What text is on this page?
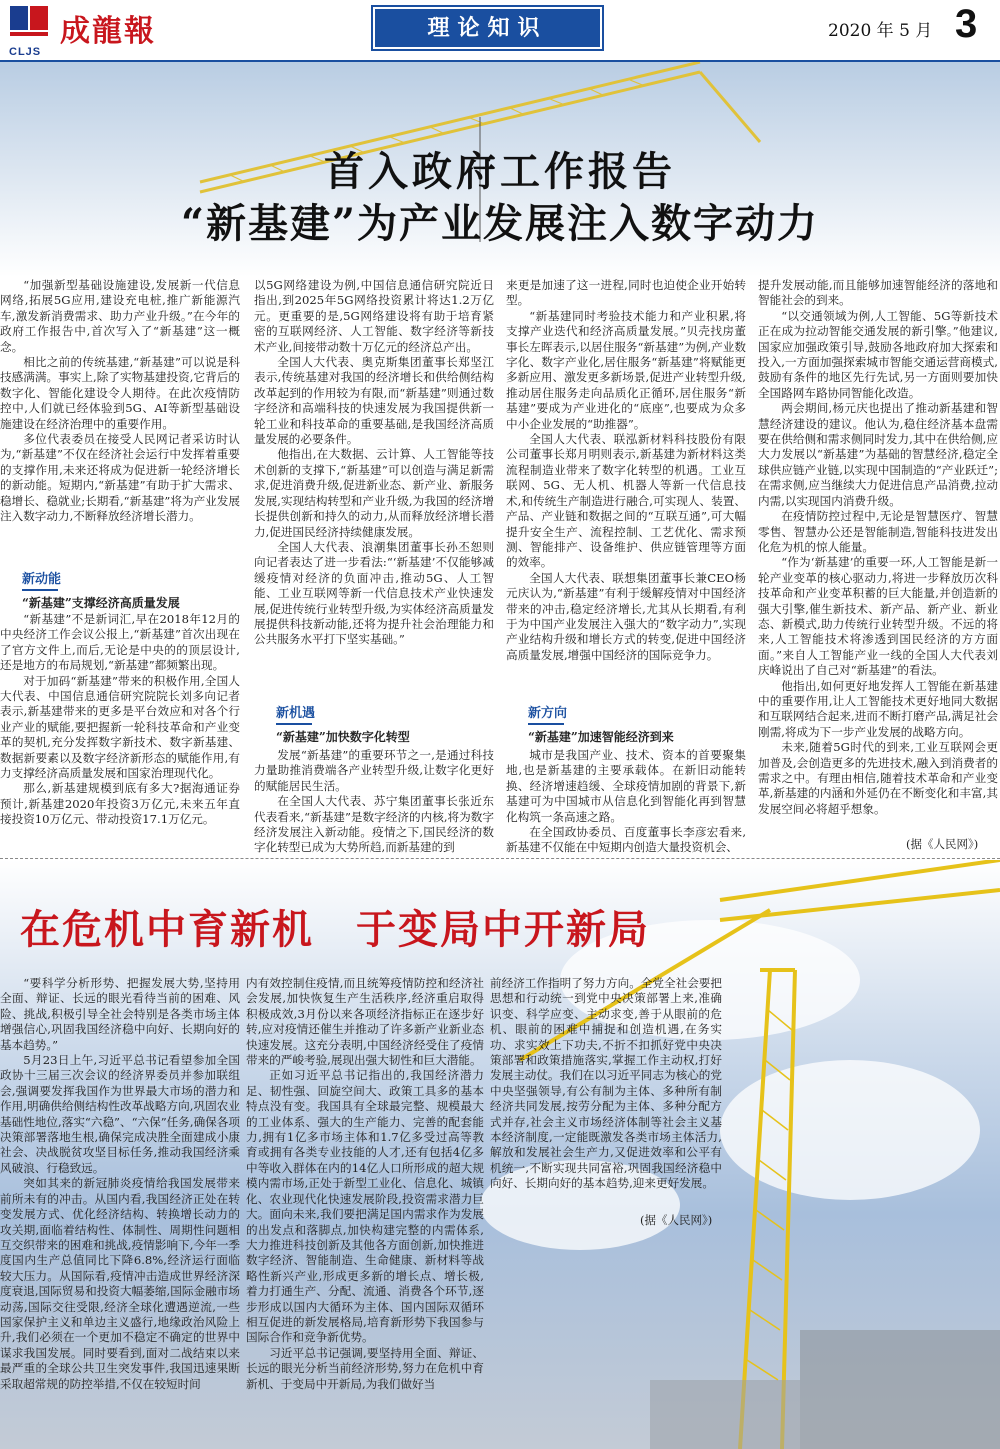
CLJS
成龍報	理论知识	2020 年 5 月 3
首入政府工作报告
“新基建”为产业发展注入数字动力

“加强新型基础设施建设,发展新一代信息网络,拓展5G应用,建设充电桩,推广新能源汽车,激发新消费需求、助力产业升级。”在今年的政府工作报告中,首次写入了“新基建”这一概念。

相比之前的传统基建,“新基建”可以说是科技感满满。事实上,除了实物基建投资,它背后的数字化、智能化建设令人期待。在此次疫情防控中,人们就已经体验到5G、AI等新型基础设施建设在经济治理中的重要作用。

多位代表委员在接受人民网记者采访时认为,“新基建”不仅在经济社会运行中发挥着重要的支撑作用,未来还将成为促进新一轮经济增长的新动能。短期内,“新基建”有助于扩大需求、稳增长、稳就业;长期看,“新基建”将为产业发展注入数字动力,不断释放经济增长潜力。

新动能
“新基建”支撑经济高质量发展

“新基建”不是新词汇,早在2018年12月的中央经济工作会议公报上,“新基建”首次出现在了官方文件上,而后,无论是中央的的顶层设计,还是地方的布局规划,“新基建”都频繁出现。

对于加码“新基建”带来的积极作用,全国人大代表、中国信息通信研究院院长刘多向记者表示,新基建带来的更多是平台效应和对各个行业产业的赋能,要把握新一轮科技革命和产业变革的契机,充分发挥数字新技术、数字新基建、数据新要素以及数字经济新形态的赋能作用,有力支撑经济高质量发展和国家治理现代化。

那么,新基建规模到底有多大?据海通证券预计,新基建2020年投资3万亿元,未来五年直接投资10万亿元、带动投资17.1万亿元。

以5G网络建设为例,中国信息通信研究院近日指出,到2025年5G网络投资累计将达1.2万亿元。更重要的是,5G网络建设将有助于培育紧密的互联网经济、人工智能、数字经济等新技术产业,间接带动数十万亿元的经济总产出。

全国人大代表、奥克斯集团董事长郑坚江表示,传统基建对我国的经济增长和供给侧结构改革起到的作用较为有限,而“新基建”则通过数字经济和高端科技的快速发展为我国提供新一轮工业和科技革命的重要基础,是我国经济高质量发展的必要条件。

他指出,在大数据、云计算、人工智能等技术创新的支撑下,“新基建”可以创造与满足新需求,促进消费升级,促进新业态、新产业、新服务发展,实现结构转型和产业升级,为我国的经济增长提供创新和持久的动力,从而释放经济增长潜力,促进国民经济持续健康发展。

全国人大代表、浪潮集团董事长孙丕恕则向记者表达了进一步看法:“‘新基建’不仅能够减缓疫情对经济的负面冲击,推动5G、人工智能、工业互联网等新一代信息技术产业快速发展,促进传统行业转型升级,为实体经济高质量发展提供科技新动能,还将为提升社会治理能力和公共服务水平打下坚实基础。”

新机遇
“新基建”加快数字化转型

发展“新基建”的重要环节之一,是通过科技力量助推消费端各产业转型升级,让数字化更好的赋能居民生活。

在全国人大代表、苏宁集团董事长张近东代表看来,“新基建”是数字经济的内核,将为数字经济发展注入新动能。疫情之下,国民经济的数字化转型已成为大势所趋,而新基建的到

来更是加速了这一进程,同时也迫使企业开始转型。

“新基建同时考验技术能力和产业积累,将支撑产业迭代和经济高质量发展。”贝壳找房董事长左晖表示,以居住服务“新基建”为例,产业数字化、数字产业化,居住服务“新基建”将赋能更多新应用、激发更多新场景,促进产业转型升级,推动居住服务走向品质化正循环,居住服务“新基建”要成为产业进化的“底座”,也要成为众多中小企业发展的“助推器”。

全国人大代表、联泓新材料科技股份有限公司董事长郑月明则表示,新基建为新材料这类流程制造业带来了数字化转型的机遇。工业互联网、5G、无人机、机器人等新一代信息技术,和传统生产制造进行融合,可实现人、装置、产品、产业链和数据之间的“互联互通”,可大幅提升安全生产、流程控制、工艺优化、需求预测、智能排产、设备维护、供应链管理等方面的效率。

全国人大代表、联想集团董事长兼CEO杨元庆认为,“新基建”有利于缓解疫情对中国经济带来的冲击,稳定经济增长,尤其从长期看,有利于为中国产业发展注入强大的“数字动力”,实现产业结构升级和增长方式的转变,促进中国经济高质量发展,增强中国经济的国际竞争力。

新方向
“新基建”加速智能经济到来

城市是我国产业、技术、资本的首要聚集地,也是新基建的主要承载体。在新旧动能转换、经济增速趋缓、全球疫情加剧的背景下,新基建可为中国城市从信息化到智能化再到智慧化构筑一条高速之路。

在全国政协委员、百度董事长李彦宏看来,新基建不仅能在中短期内创造大量投资机会、

提升发展动能,而且能够加速智能经济的落地和智能社会的到来。

“以交通领域为例,人工智能、5G等新技术正在成为拉动智能交通发展的新引擎。”他建议,国家应加强政策引导,鼓励各地政府加大探索和投入,一方面加强探索城市智能交通运营商模式,鼓励有条件的地区先行先试,另一方面则要加快全国路网车路协同智能化改造。

两会期间,杨元庆也提出了推动新基建和智慧经济建设的建议。他认为,稳住经济基本盘需要在供给侧和需求侧同时发力,其中在供给侧,应大力发展以“新基建”为基础的智慧经济,稳定全球供应链产业链,以实现中国制造的“产业跃迁”;在需求侧,应当继续大力促进信息产品消费,拉动内需,以实现国内消费升级。

在疫情防控过程中,无论是智慧医疗、智慧零售、智慧办公还是智能制造,智能科技进发出化危为机的惊人能量。

“作为‘新基建’的重要一环,人工智能是新一轮产业变革的核心驱动力,将进一步释放历次科技革命和产业变革积蓄的巨大能量,并创造新的强大引擎,催生新技术、新产品、新产业、新业态、新模式,助力传统行业转型升级。不远的将来,人工智能技术将渗透到国民经济的方方面面。”来自人工智能产业一线的全国人大代表刘庆峰说出了自己对“新基建”的看法。

他指出,如何更好地发挥人工智能在新基建中的重要作用,让人工智能技术更好地同大数据和互联网结合起来,进而不断打磨产品,满足社会刚需,将成为下一步产业发展的战略方向。

未来,随着5G时代的到来,工业互联网会更加普及,会创造更多的先进技术,融入到消费者的需求之中。有理由相信,随着技术革命和产业变革,新基建的内涵和外延仍在不断变化和丰富,其发展空间必将超乎想象。

(据《人民网》)
在危机中育新机　于变局中开新局

“要科学分析形势、把握发展大势,坚持用全面、辩证、长远的眼光看待当前的困难、风险、挑战,积极引导全社会特别是各类市场主体增强信心,巩固我国经济稳中向好、长期向好的基本趋势。”

5月23日上午,习近平总书记看望参加全国政协十三届三次会议的经济界委员并参加联组会,强调要发挥我国作为世界最大市场的潜力和作用,明确供给侧结构性改革战略方向,巩固农业基础性地位,落实“六稳”、“六保”任务,确保各项决策部署落地生根,确保完成决胜全面建成小康社会、决战脱贫攻坚目标任务,推动我国经济乘风破浪、行稳致远。

突如其来的新冠肺炎疫情给我国发展带来前所未有的冲击。从国内看,我国经济正处在转变发展方式、优化经济结构、转换增长动力的攻关期,面临着结构性、体制性、周期性问题相互交织带来的困难和挑战,疫情影响下,今年一季度国内生产总值同比下降6.8%,经济运行面临较大压力。从国际看,疫情冲击造成世界经济深度衰退,国际贸易和投资大幅萎缩,国际金融市场动荡,国际交往受限,经济全球化遭遇逆流,一些国家保护主义和单边主义盛行,地缘政治风险上升,我们必须在一个更加不稳定不确定的世界中谋求我国发展。同时要看到,面对二战结束以来最严重的全球公共卫生突发事件,我国迅速果断采取超常规的防控举措,不仅在较短时间

内有效控制住疫情,而且统筹疫情防控和经济社会发展,加快恢复生产生活秩序,经济重启取得积极成效,3月份以来各项经济指标正在逐步好转,应对疫情还催生并推动了许多新产业新业态快速发展。这充分表明,中国经济经受住了疫情带来的严峻考验,展现出强大韧性和巨大潜能。

正如习近平总书记指出的,我国经济潜力足、韧性强、回旋空间大、政策工具多的基本特点没有变。我国具有全球最完整、规模最大的工业体系、强大的生产能力、完善的配套能力,拥有1亿多市场主体和1.7亿多受过高等教育或拥有各类专业技能的人才,还有包括4亿多中等收入群体在内的14亿人口所形成的超大规模内需市场,正处于新型工业化、信息化、城镇化、农业现代化快速发展阶段,投资需求潜力巨大。面向未来,我们要把满足国内需求作为发展的出发点和落脚点,加快构建完整的内需体系,大力推进科技创新及其他各方面创新,加快推进数字经济、智能制造、生命健康、新材料等战略性新兴产业,形成更多新的增长点、增长极,着力打通生产、分配、流通、消费各个环节,逐步形成以国内大循环为主体、国内国际双循环相互促进的新发展格局,培育新形势下我国参与国际合作和竞争新优势。

习近平总书记强调,要坚持用全面、辩证、长远的眼光分析当前经济形势,努力在危机中育新机、于变局中开新局,为我们做好当

前经济工作指明了努力方向。全党全社会要把思想和行动统一到党中央决策部署上来,准确识变、科学应变、主动求变,善于从眼前的危机、眼前的困难中捕捉和创造机遇,在务实功、求实效上下功夫,不折不扣抓好党中央决策部署和政策措施落实,掌握工作主动权,打好发展主动仗。我们在以习近平同志为核心的党中央坚强领导,有公有制为主体、多种所有制经济共同发展,按劳分配为主体、多种分配方式并存,社会主义市场经济体制等社会主义基本经济制度,一定能既激发各类市场主体活力,解放和发展社会生产力,又促进效率和公平有机统一,不断实现共同富裕,巩固我国经济稳中向好、长期向好的基本趋势,迎来更好发展。

(据《人民网》)
